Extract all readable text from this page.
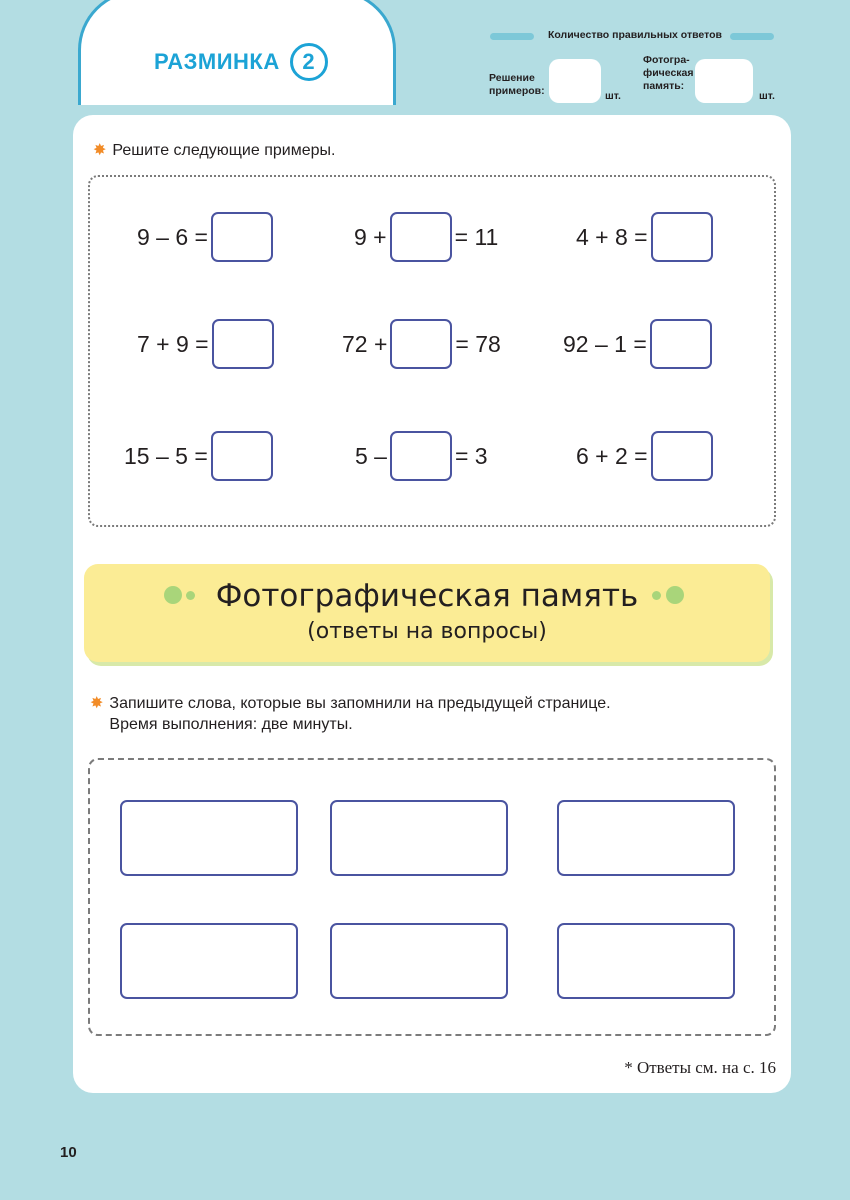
РАЗМИНКА	2
Количество правильных ответов
Решение
примеров:	шт.
Фотогра-
фическая
память:
шт.
✸ Решите следующие примеры.
9 – 6 =	9 +	= 11	4 + 8 =
7 + 9 =	72 +	= 78	92 – 1 =
15 – 5 =	5 –	= 3	6 + 2 =
Фотографическая память
(ответы на вопросы)
✸ Запишите слова, которые вы запомнили на предыдущей странице.
Время выполнения: две минуты.
* Ответы см. на с. 16
10
